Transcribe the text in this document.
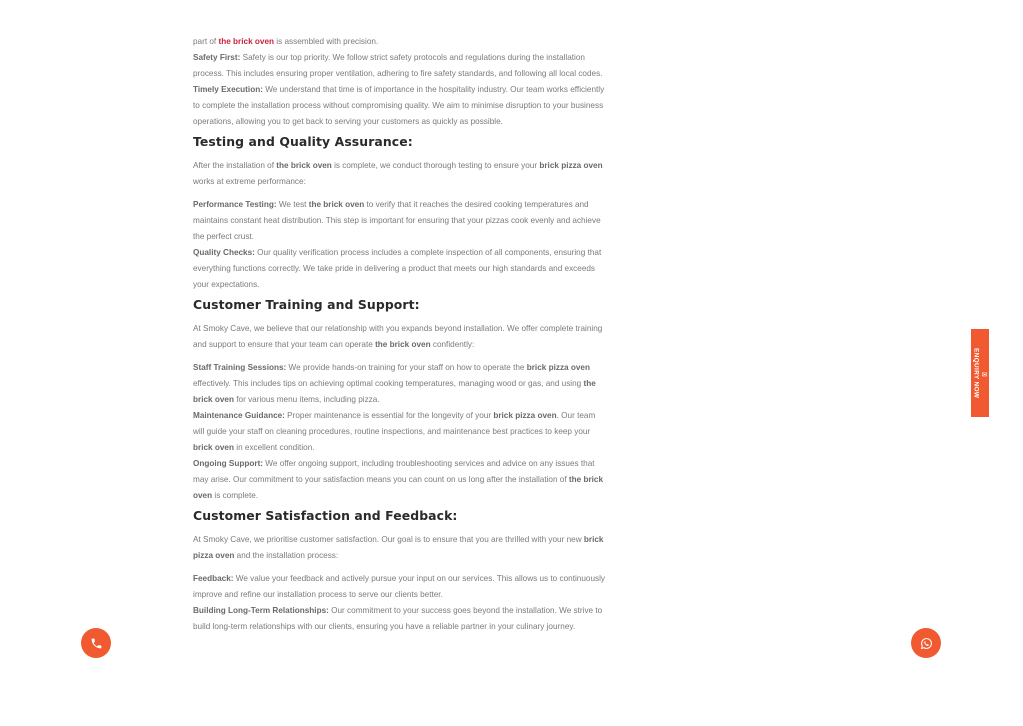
part of the brick oven is assembled with precision.

Safety First: Safety is our top priority. We follow strict safety protocols and regulations during the installation process. This includes ensuring proper ventilation, adhering to fire safety standards, and following all local codes.

Timely Execution: We understand that time is of importance in the hospitality industry. Our team works efficiently to complete the installation process without compromising quality. We aim to minimise disruption to your business operations, allowing you to get back to serving your customers as quickly as possible.

Testing and Quality Assurance:

After the installation of the brick oven is complete, we conduct thorough testing to ensure your brick pizza oven works at extreme performance:

Performance Testing: We test the brick oven to verify that it reaches the desired cooking temperatures and maintains constant heat distribution. This step is important for ensuring that your pizzas cook evenly and achieve the perfect crust.

Quality Checks: Our quality verification process includes a complete inspection of all components, ensuring that everything functions correctly. We take pride in delivering a product that meets our high standards and exceeds your expectations.

Customer Training and Support:

At Smoky Cave, we believe that our relationship with you expands beyond installation. We offer complete training and support to ensure that your team can operate the brick oven confidently:

Staff Training Sessions: We provide hands-on training for your staff on how to operate the brick pizza oven effectively. This includes tips on achieving optimal cooking temperatures, managing wood or gas, and using the brick oven for various menu items, including pizza.

Maintenance Guidance: Proper maintenance is essential for the longevity of your brick pizza oven. Our team will guide your staff on cleaning procedures, routine inspections, and maintenance best practices to keep your brick oven in excellent condition.

Ongoing Support: We offer ongoing support, including troubleshooting services and advice on any issues that may arise. Our commitment to your satisfaction means you can count on us long after the installation of the brick oven is complete.

Customer Satisfaction and Feedback:

At Smoky Cave, we prioritise customer satisfaction. Our goal is to ensure that you are thrilled with your new brick pizza oven and the installation process:

Feedback: We value your feedback and actively pursue your input on our services. This allows us to continuously improve and refine our installation process to serve our clients better.

Building Long-Term Relationships: Our commitment to your success goes beyond the installation. We strive to build long-term relationships with our clients, ensuring you have a reliable partner in your culinary journey.

ENQUIRY NOW ✉
